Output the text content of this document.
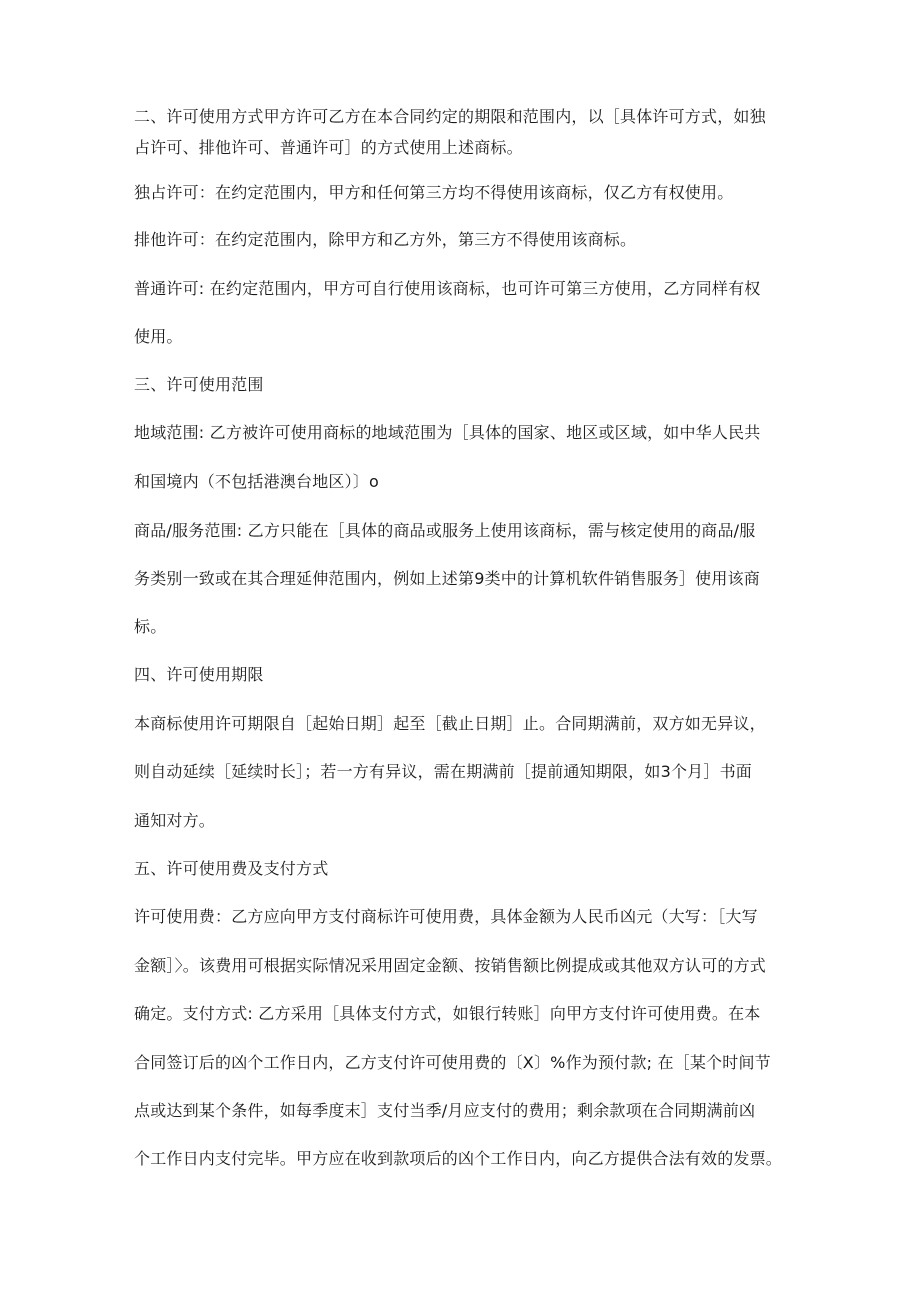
二、许可使用方式甲方许可乙方在本合同约定的期限和范围内，以［具体许可方式，如独
占许可、排他许可、普通许可］的方式使用上述商标。
独占许可：在约定范围内，甲方和任何第三方均不得使用该商标，仅乙方有权使用。
排他许可：在约定范围内，除甲方和乙方外，第三方不得使用该商标。
普通许可: 在约定范围内，甲方可自行使用该商标，也可许可第三方使用，乙方同样有权
使用。
三、许可使用范围
地域范围: 乙方被许可使用商标的地域范围为［具体的国家、地区或区域，如中华人民共
和国境内（不包括港澳台地区）〕o
商品/服务范围: 乙方只能在［具体的商品或服务上使用该商标，需与核定使用的商品/服
务类别一致或在其合理延伸范围内，例如上述第9类中的计算机软件销售服务］使用该商
标。
四、许可使用期限
本商标使用许可期限自［起始日期］起至［截止日期］止。合同期满前，双方如无异议，
则自动延续［延续时长］；若一方有异议，需在期满前［提前通知期限，如3个月］书面
通知对方。
五、许可使用费及支付方式
许可使用费：乙方应向甲方支付商标许可使用费，具体金额为人民币凶元（大写：［大写
金额］〉。该费用可根据实际情况采用固定金额、按销售额比例提成或其他双方认可的方式
确定。支付方式: 乙方采用［具体支付方式，如银行转账］向甲方支付许可使用费。在本
合同签订后的凶个工作日内，乙方支付许可使用费的〔X〕%作为预付款; 在［某个时间节
点或达到某个条件，如每季度末］支付当季/月应支付的费用；剩余款项在合同期满前凶
个工作日内支付完毕。甲方应在收到款项后的凶个工作日内，向乙方提供合法有效的发票。
